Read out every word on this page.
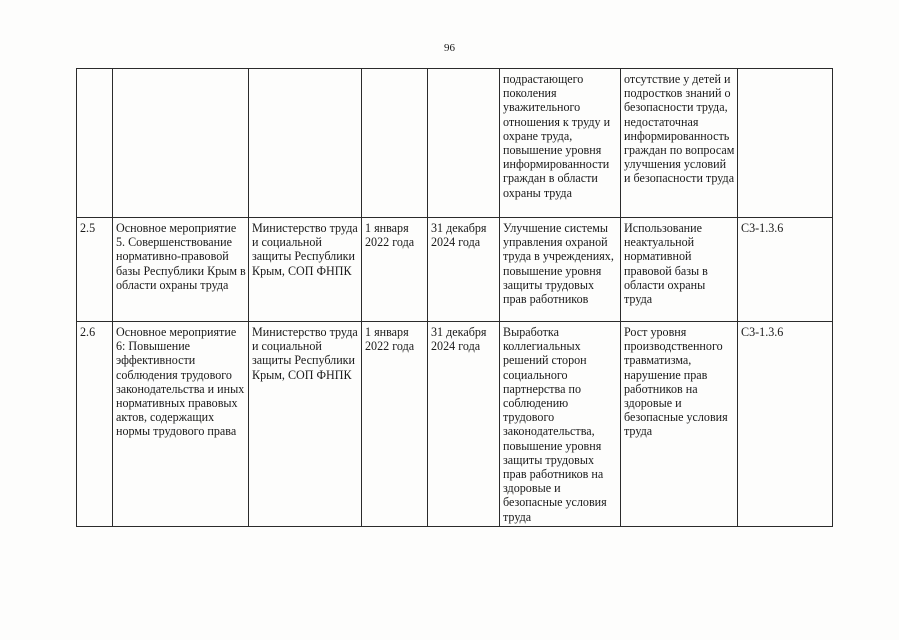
96
					подрастающего поколения уважительного отношения к труду и охране труда, повышение уровня информированности граждан в области охраны труда	отсутствие у детей и подростков знаний о безопасности труда, недостаточная информированность граждан по вопросам улучшения условий и безопасности труда	
2.5	Основное мероприятие 5. Совершенствование нормативно-правовой базы Республики Крым в области охраны труда	Министерство труда и социальной защиты Республики Крым, СОП ФНПК	1 января 2022 года	31 декабря 2024 года	Улучшение системы управления охраной труда в учреждениях, повышение уровня защиты трудовых прав работников	Использование неактуальной нормативной правовой базы в области охраны труда	С3-1.3.6
2.6	Основное мероприятие 6: Повышение эффективности соблюдения трудового законодательства и иных нормативных правовых актов, содержащих нормы трудового права	Министерство труда и социальной защиты Республики Крым, СОП ФНПК	1 января 2022 года	31 декабря 2024 года	Выработка коллегиальных решений сторон социального партнерства по соблюдению трудового законодательства, повышение уровня защиты трудовых прав работников на здоровые и безопасные условия труда	Рост уровня производственного травматизма, нарушение прав работников на здоровые и безопасные условия труда	С3-1.3.6
